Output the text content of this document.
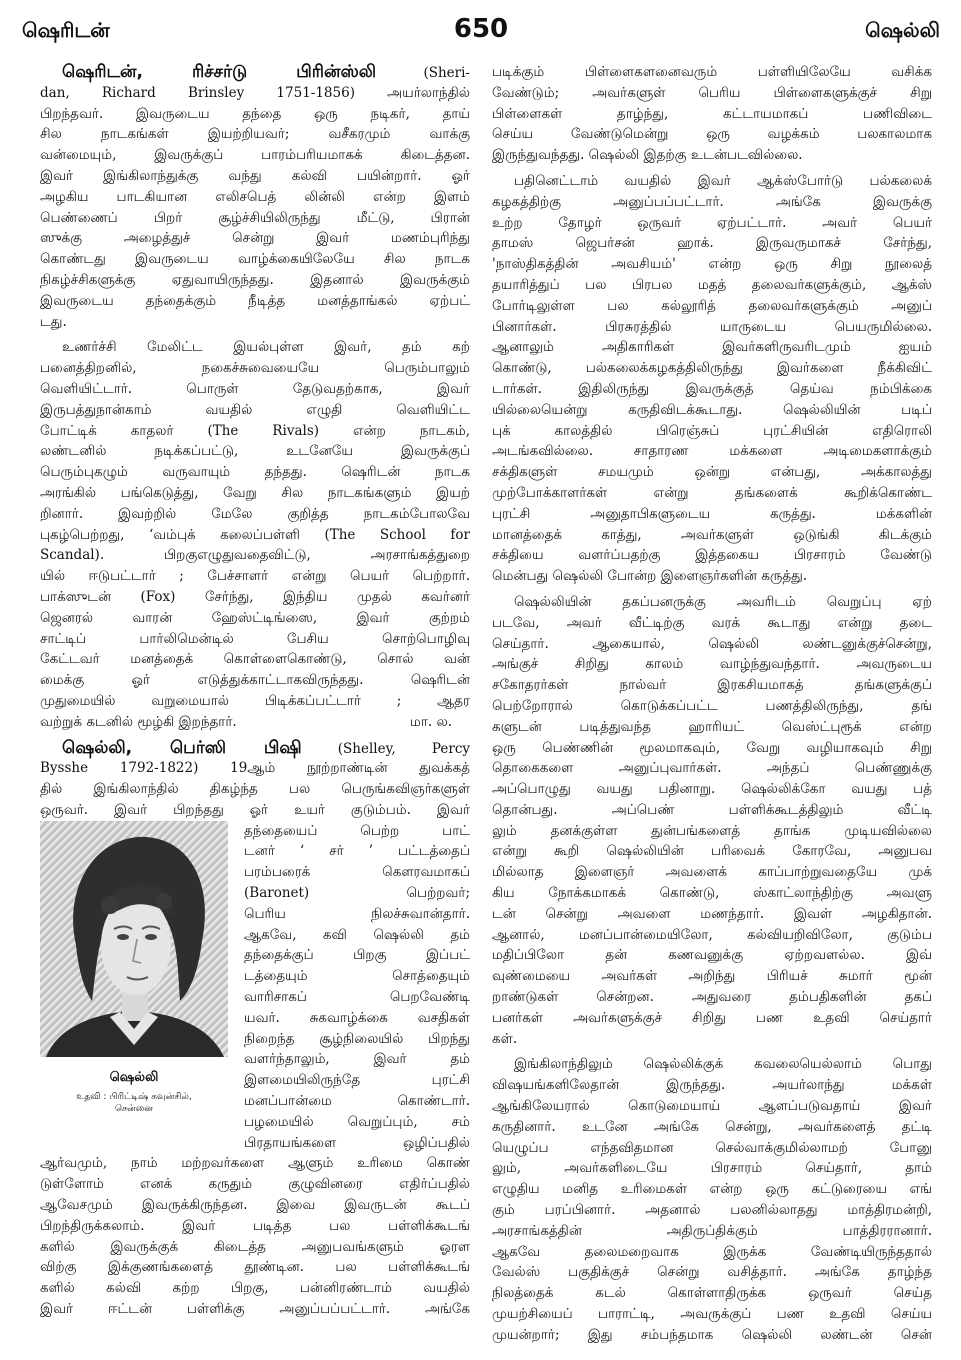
ஷெரிடன்	650	ஷெல்லி
ஷெரிடன், ரிச்சர்டு பிரின்ஸ்லி (Sheri-
dan, Richard Brinsley 1751-1856) அயர்லாந்தில்
பிறந்தவர். இவருடைய தந்தை ஒரு நடிகர், தாய்
சில நாடகங்கள் இயற்றியவர்; வசீகரமும் வாக்கு
வன்மையும், இவருக்குப் பாரம்பரியமாகக் கிடைத்தன.
இவர் இங்கிலாந்துக்கு வந்து கல்வி பயின்றார். ஓர்
அழகிய பாடகியான எலிசபெத் லின்லி என்ற இளம்
பெண்ணைப் பிறர் சூழ்ச்சியிலிருந்து மீட்டு, பிரான்
ஸுக்கு அழைத்துச் சென்று இவர் மணம்புரிந்து
கொண்டது இவருடைய வாழ்க்கையிலேயே சில நாடக
நிகழ்ச்சிகளுக்கு ஏதுவாயிருந்தது. இதனால் இவருக்கும்
இவருடைய தந்தைக்கும் நீடித்த மனத்தாங்கல் ஏற்பட்
டது.
உணர்ச்சி மேலிட்ட இயல்புள்ள இவர், தம் கற்
பனைத்திறனில், நகைச்சுவையையே பெரும்பாலும்
வெளியிட்டார். பொருள் தேடுவதற்காக, இவர்
இருபத்துநான்காம் வயதில் எழுதி வெளியிட்ட
போட்டிக் காதலர் (The Rivals) என்ற நாடகம்,
லண்டனில் நடிக்கப்பட்டு, உடனேயே இவருக்குப்
பெரும்புகழும் வருவாயும் தந்தது. ஷெரிடன் நாடக
அரங்கில் பங்கெடுத்து, வேறு சில நாடகங்களும் இயற்
றினார். இவற்றில் மேலே குறித்த நாடகம்போலவே
புகழ்பெற்றது, ‘வம்புக் கலைப்பள்ளி (The School for
Scandal). பிறகுஎழுதுவதைவிட்டு, அரசாங்கத்துறை
யில் ஈடுபட்டார் ; பேச்சாளர் என்று பெயர் பெற்றார்.
பாக்ஸுடன் (Fox) சேர்ந்து, இந்திய முதல் கவர்னர்
ஜெனரல் வாரன் ஹேஸ்ட்டிங்ஸை, இவர் குற்றம்
சாட்டிப் பார்லிமென்டில் பேசிய சொற்பொழிவு
கேட்டவர் மனத்தைக் கொள்ளைகொண்டு, சொல் வன்
மைக்கு ஓர் எடுத்துக்காட்டாகவிருந்தது. ஷெரிடன்
முதுமையில் வறுமையால் பிடிக்கப்பட்டார் ; ஆதர
மா. ல.
வற்றுக் கடனில் மூழ்கி இறந்தார்.
ஷெல்லி, பெர்ஸி பிஷி (Shelley, Percy
Bysshe 1792-1822) 19ஆம் நூற்றாண்டின் துவக்கத்
தில் இங்கிலாந்தில் திகழ்ந்த பல பெருங்கவிஞர்களுள்
ஒருவர். இவர் பிறந்தது ஓர் உயர் குடும்பம். இவர்
ஷெல்லி
உதவி : பிரிட்டிஷ் கவுன்சில்,
சென்னை
தந்தையைப் பெற்ற பாட்
டனர் ‘ சர் ’ பட்டத்தைப்
பரம்பரைக் கௌரவமாகப்
(Baronet) பெற்றவர்;
பெரிய நிலச்சுவான்தார்.
ஆகவே, கவி ஷெல்லி தம்
தந்தைக்குப் பிறகு இப்பட்
டத்தையும் சொத்தையும்
வாரிசாகப் பெறவேண்டி
யவர். சுகவாழ்க்கை வசதிகள்
நிறைந்த சூழ்நிலையில் பிறந்து
வளர்ந்தாலும், இவர் தம்
இளமையிலிருந்தே புரட்சி
மனப்பான்மை கொண்டார்.
பழமையில் வெறுப்பும், சம்
பிரதாயங்களை ஒழிப்பதில்
ஆர்வமும், நாம் மற்றவர்களை ஆளும் உரிமை கொண்
டுள்ளோம் எனக் கருதும் குழுவினரை எதிர்ப்பதில்
ஆவேசமும் இவருக்கிருந்தன. இவை இவருடன் கூடப்
பிறந்திருக்கலாம். இவர் படித்த பல பள்ளிக்கூடங்
களில் இவருக்குக் கிடைத்த அனுபவங்களும் ஓரள
விற்கு இக்குணங்களைத் தூண்டின. பல பள்ளிக்கூடங்
களில் கல்வி கற்ற பிறகு, பன்னிரண்டாம் வயதில்
இவர் ஈட்டன் பள்ளிக்கு அனுப்பப்பட்டார். அங்கே
படிக்கும் பிள்ளைகளனைவரும் பள்ளியிலேயே வசிக்க
வேண்டும்; அவர்களுள் பெரிய பிள்ளைகளுக்குச் சிறு
பிள்ளைகள் தாழ்ந்து, கட்டாயமாகப் பணிவிடை
செய்ய வேண்டுமென்று ஒரு வழக்கம் பலகாலமாக
இருந்துவந்தது. ஷெல்லி இதற்கு உடன்படவில்லை.
பதினெட்டாம் வயதில் இவர் ஆக்ஸ்போர்டு பல்கலைக்
கழகத்திற்கு அனுப்பப்பட்டார். அங்கே இவருக்கு
உற்ற தோழர் ஒருவர் ஏற்பட்டார். அவர் பெயர்
தாமஸ் ஜெபர்சன் ஹாக். இருவருமாகச் சேர்ந்து,
'நாஸ்திகத்தின் அவசியம்' என்ற ஒரு சிறு நூலைத்
தயாரித்துப் பல பிரபல மதத் தலைவர்களுக்கும், ஆக்ஸ்
போர்டிலுள்ள பல கல்லூரித் தலைவர்களுக்கும் அனுப்
பினார்கள். பிரசுரத்தில் யாருடைய பெயருமில்லை.
ஆனாலும் அதிகாரிகள் இவர்களிருவரிடமும் ஐயம்
கொண்டு, பல்கலைக்கழகத்திலிருந்து இவர்களை நீக்கிவிட்
டார்கள். இதிலிருந்து இவருக்குத் தெய்வ நம்பிக்கை
யில்லையென்று கருதிவிடக்கூடாது. ஷெல்லியின் படிப்
புக் காலத்தில் பிரெஞ்சுப் புரட்சியின் எதிரொலி
அடங்கவில்லை. சாதாரண மக்களை அடிமைகளாக்கும்
சக்திகளுள் சமயமும் ஒன்று என்பது, அக்காலத்து
முற்போக்காளர்கள் என்று தங்களைக் கூறிக்கொண்ட
புரட்சி அனுதாபிகளுடைய கருத்து. மக்களின்
மானத்தைக் காத்து, அவர்களுள் ஒடுங்கி கிடக்கும்
சக்தியை வளர்ப்பதற்கு இத்தகைய பிரசாரம் வேண்டு
மென்பது ஷெல்லி போன்ற இளைஞர்களின் கருத்து.
ஷெல்லியின் தகப்பனருக்கு அவரிடம் வெறுப்பு ஏற்
படவே, அவர் வீட்டிற்கு வரக் கூடாது என்று தடை
செய்தார். ஆகையால், ஷெல்லி லண்டனுக்குச்சென்று,
அங்குச் சிறிது காலம் வாழ்ந்துவந்தார். அவருடைய
சகோதரர்கள் நால்வர் இரகசியமாகத் தங்களுக்குப்
பெற்றோரால் கொடுக்கப்பட்ட பணத்திலிருந்து, தங்
களுடன் படித்துவந்த ஹாரியட் வெஸ்ட்புரூக் என்ற
ஒரு பெண்ணின் மூலமாகவும், வேறு வழியாகவும் சிறு
தொகைகளை அனுப்புவார்கள். அந்தப் பெண்ணுக்கு
அப்பொழுது வயது பதினாறு. ஷெல்லிக்கோ வயது பத்
தொன்பது. அப்பெண் பள்ளிக்கூடத்திலும் வீட்டி
லும் தனக்குள்ள துன்பங்களைத் தாங்க முடியவில்லை
என்று கூறி ஷெல்லியின் பரிவைக் கோரவே, அனுபவ
மில்லாத இளைஞர் அவளைக் காப்பாற்றுவதையே முக்
கிய நோக்கமாகக் கொண்டு, ஸ்காட்லாந்திற்கு அவளு
டன் சென்று அவளை மணந்தார். இவள் அழகிதான்.
ஆனால், மனப்பான்மையிலோ, கல்வியறிவிலோ, குடும்ப
மதிப்பிலோ தன் கணவனுக்கு ஏற்றவளல்ல. இவ்
வுண்மையை அவர்கள் அறிந்து பிரியச் சுமார் மூன்
றாண்டுகள் சென்றன. அதுவரை தம்பதிகளின் தகப்
பனர்கள் அவர்களுக்குச் சிறிது பண உதவி செய்தார்
கள்.
இங்கிலாந்திலும் ஷெல்லிக்குக் கவலையெல்லாம் பொது
விஷயங்களிலேதான் இருந்தது. அயர்லாந்து மக்கள்
ஆங்கிலேயரால் கொடுமையாய் ஆளப்படுவதாய் இவர்
கருதினார். உடனே அங்கே சென்று, அவர்களைத் தட்டி
யெழுப்ப எந்தவிதமான செல்வாக்குமில்லாமற் போனு
லும், அவர்களிடையே பிரசாரம் செய்தார், தாம்
எழுதிய மனித உரிமைகள் என்ற ஒரு கட்டுரையை எங்
கும் பரப்பினார். அதனால் பலனில்லாதது மாத்திரமன்றி,
அரசாங்கத்தின் அதிருப்திக்கும் பாத்திரரானார்.
ஆகவே தலைமறைவாக இருக்க வேண்டியிருந்ததால்
வேல்ஸ் பகுதிக்குச் சென்று வசித்தார். அங்கே தாழ்ந்த
நிலத்தைக் கடல் கொள்ளாதிருக்க ஒருவர் செய்த
முயற்சியைப் பாராட்டி, அவருக்குப் பண உதவி செய்ய
முயன்றார்; இது சம்பந்தமாக ஷெல்லி லண்டன் சென்
